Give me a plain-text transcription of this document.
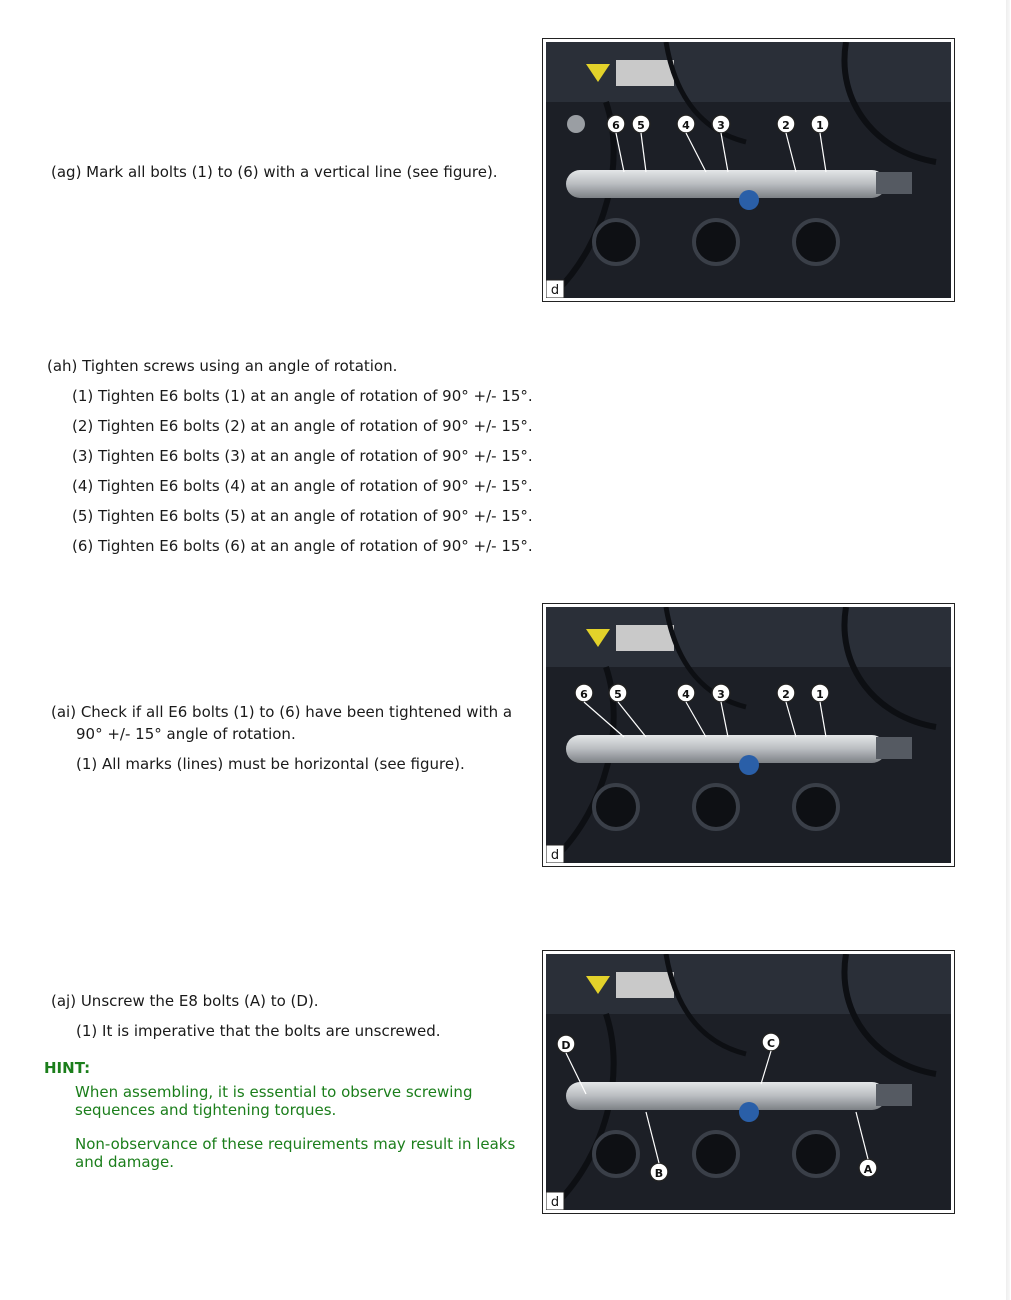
(ag) Mark all bolts (1) to (6) with a vertical line (see figure).

6 5	4 3	2 1
d

(ah) Tighten screws using an angle of rotation.

(1) Tighten E6 bolts (1) at an angle of rotation of 90° +/- 15°.

(2) Tighten E6 bolts (2) at an angle of rotation of 90° +/- 15°.

(3) Tighten E6 bolts (3) at an angle of rotation of 90° +/- 15°.

(4) Tighten E6 bolts (4) at an angle of rotation of 90° +/- 15°.

(5) Tighten E6 bolts (5) at an angle of rotation of 90° +/- 15°.

(6) Tighten E6 bolts (6) at an angle of rotation of 90° +/- 15°.

(ai) Check if all E6 bolts (1) to (6) have been tightened with a

90° +/- 15° angle of rotation.

(1) All marks (lines) must be horizontal (see figure).

6 5	4 3	2 1
d

(aj) Unscrew the E8 bolts (A) to (D).

(1) It is imperative that the bolts are unscrewed.

HINT:

When assembling, it is essential to observe screwing

sequences and tightening torques.

Non-observance of these requirements may result in leaks

and damage.

D	C
B	A
d
